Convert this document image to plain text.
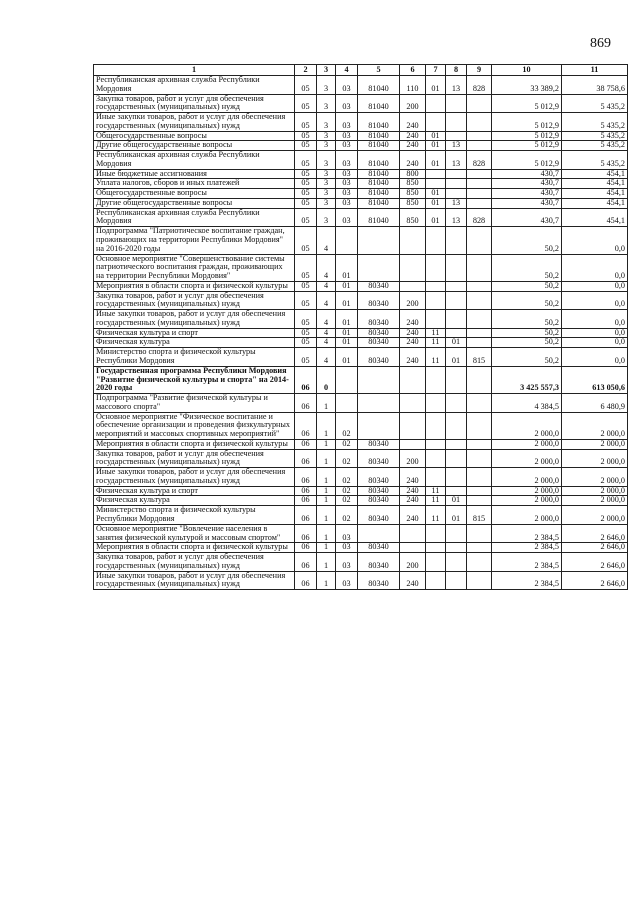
869
1	2	3	4	5	6	7	8	9	10	11
Республиканская архивная служба Республики Мордовия	05	3	03	81040	110	01	13	828	33 389,2	38 758,6
Закупка товаров, работ и услуг для обеспечения государственных (муниципальных) нужд	05	3	03	81040	200				5 012,9	5 435,2
Иные закупки товаров, работ и услуг для обеспечения государственных (муниципальных) нужд	05	3	03	81040	240				5 012,9	5 435,2
Общегосударственные вопросы	05	3	03	81040	240	01			5 012,9	5 435,2
Другие общегосударственные вопросы	05	3	03	81040	240	01	13		5 012,9	5 435,2
Республиканская архивная служба Республики Мордовия	05	3	03	81040	240	01	13	828	5 012,9	5 435,2
Иные бюджетные ассигнования	05	3	03	81040	800				430,7	454,1
Уплата налогов, сборов и иных платежей	05	3	03	81040	850				430,7	454,1
Общегосударственные вопросы	05	3	03	81040	850	01			430,7	454,1
Другие общегосударственные вопросы	05	3	03	81040	850	01	13		430,7	454,1
Республиканская архивная служба Республики Мордовия	05	3	03	81040	850	01	13	828	430,7	454,1
Подпрограмма "Патриотическое воспитание граждан, проживающих на территории Республики Мордовия" на 2016-2020 годы	05	4							50,2	0,0
Основное мероприятие "Совершенствование системы патриотического воспитания граждан, проживающих на территории Республики Мордовия"	05	4	01						50,2	0,0
Мероприятия в области спорта и физической культуры	05	4	01	80340					50,2	0,0
Закупка товаров, работ и услуг для обеспечения государственных (муниципальных) нужд	05	4	01	80340	200				50,2	0,0
Иные закупки товаров, работ и услуг для обеспечения государственных (муниципальных) нужд	05	4	01	80340	240				50,2	0,0
Физическая культура и спорт	05	4	01	80340	240	11			50,2	0,0
Физическая культура	05	4	01	80340	240	11	01		50,2	0,0
Министерство спорта и физической культуры Республики Мордовия	05	4	01	80340	240	11	01	815	50,2	0,0
Государственная программа Республики Мордовия "Развитие физической культуры и спорта" на 2014-2020 годы	06	0							3 425 557,3	613 050,6
Подпрограмма "Развитие физической культуры и массового спорта"	06	1							4 384,5	6 480,9
Основное мероприятие "Физическое воспитание и обеспечение организации и проведения физкультурных мероприятий и массовых спортивных мероприятий"	06	1	02						2 000,0	2 000,0
Мероприятия в области спорта и физической культуры	06	1	02	80340					2 000,0	2 000,0
Закупка товаров, работ и услуг для обеспечения государственных (муниципальных) нужд	06	1	02	80340	200				2 000,0	2 000,0
Иные закупки товаров, работ и услуг для обеспечения государственных (муниципальных) нужд	06	1	02	80340	240				2 000,0	2 000,0
Физическая культура и спорт	06	1	02	80340	240	11			2 000,0	2 000,0
Физическая культура	06	1	02	80340	240	11	01		2 000,0	2 000,0
Министерство спорта и физической культуры Республики Мордовия	06	1	02	80340	240	11	01	815	2 000,0	2 000,0
Основное мероприятие "Вовлечение населения в занятия физической культурой и массовым спортом"	06	1	03						2 384,5	2 646,0
Мероприятия в области спорта и физической культуры	06	1	03	80340					2 384,5	2 646,0
Закупка товаров, работ и услуг для обеспечения государственных (муниципальных) нужд	06	1	03	80340	200				2 384,5	2 646,0
Иные закупки товаров, работ и услуг для обеспечения государственных (муниципальных) нужд	06	1	03	80340	240				2 384,5	2 646,0
